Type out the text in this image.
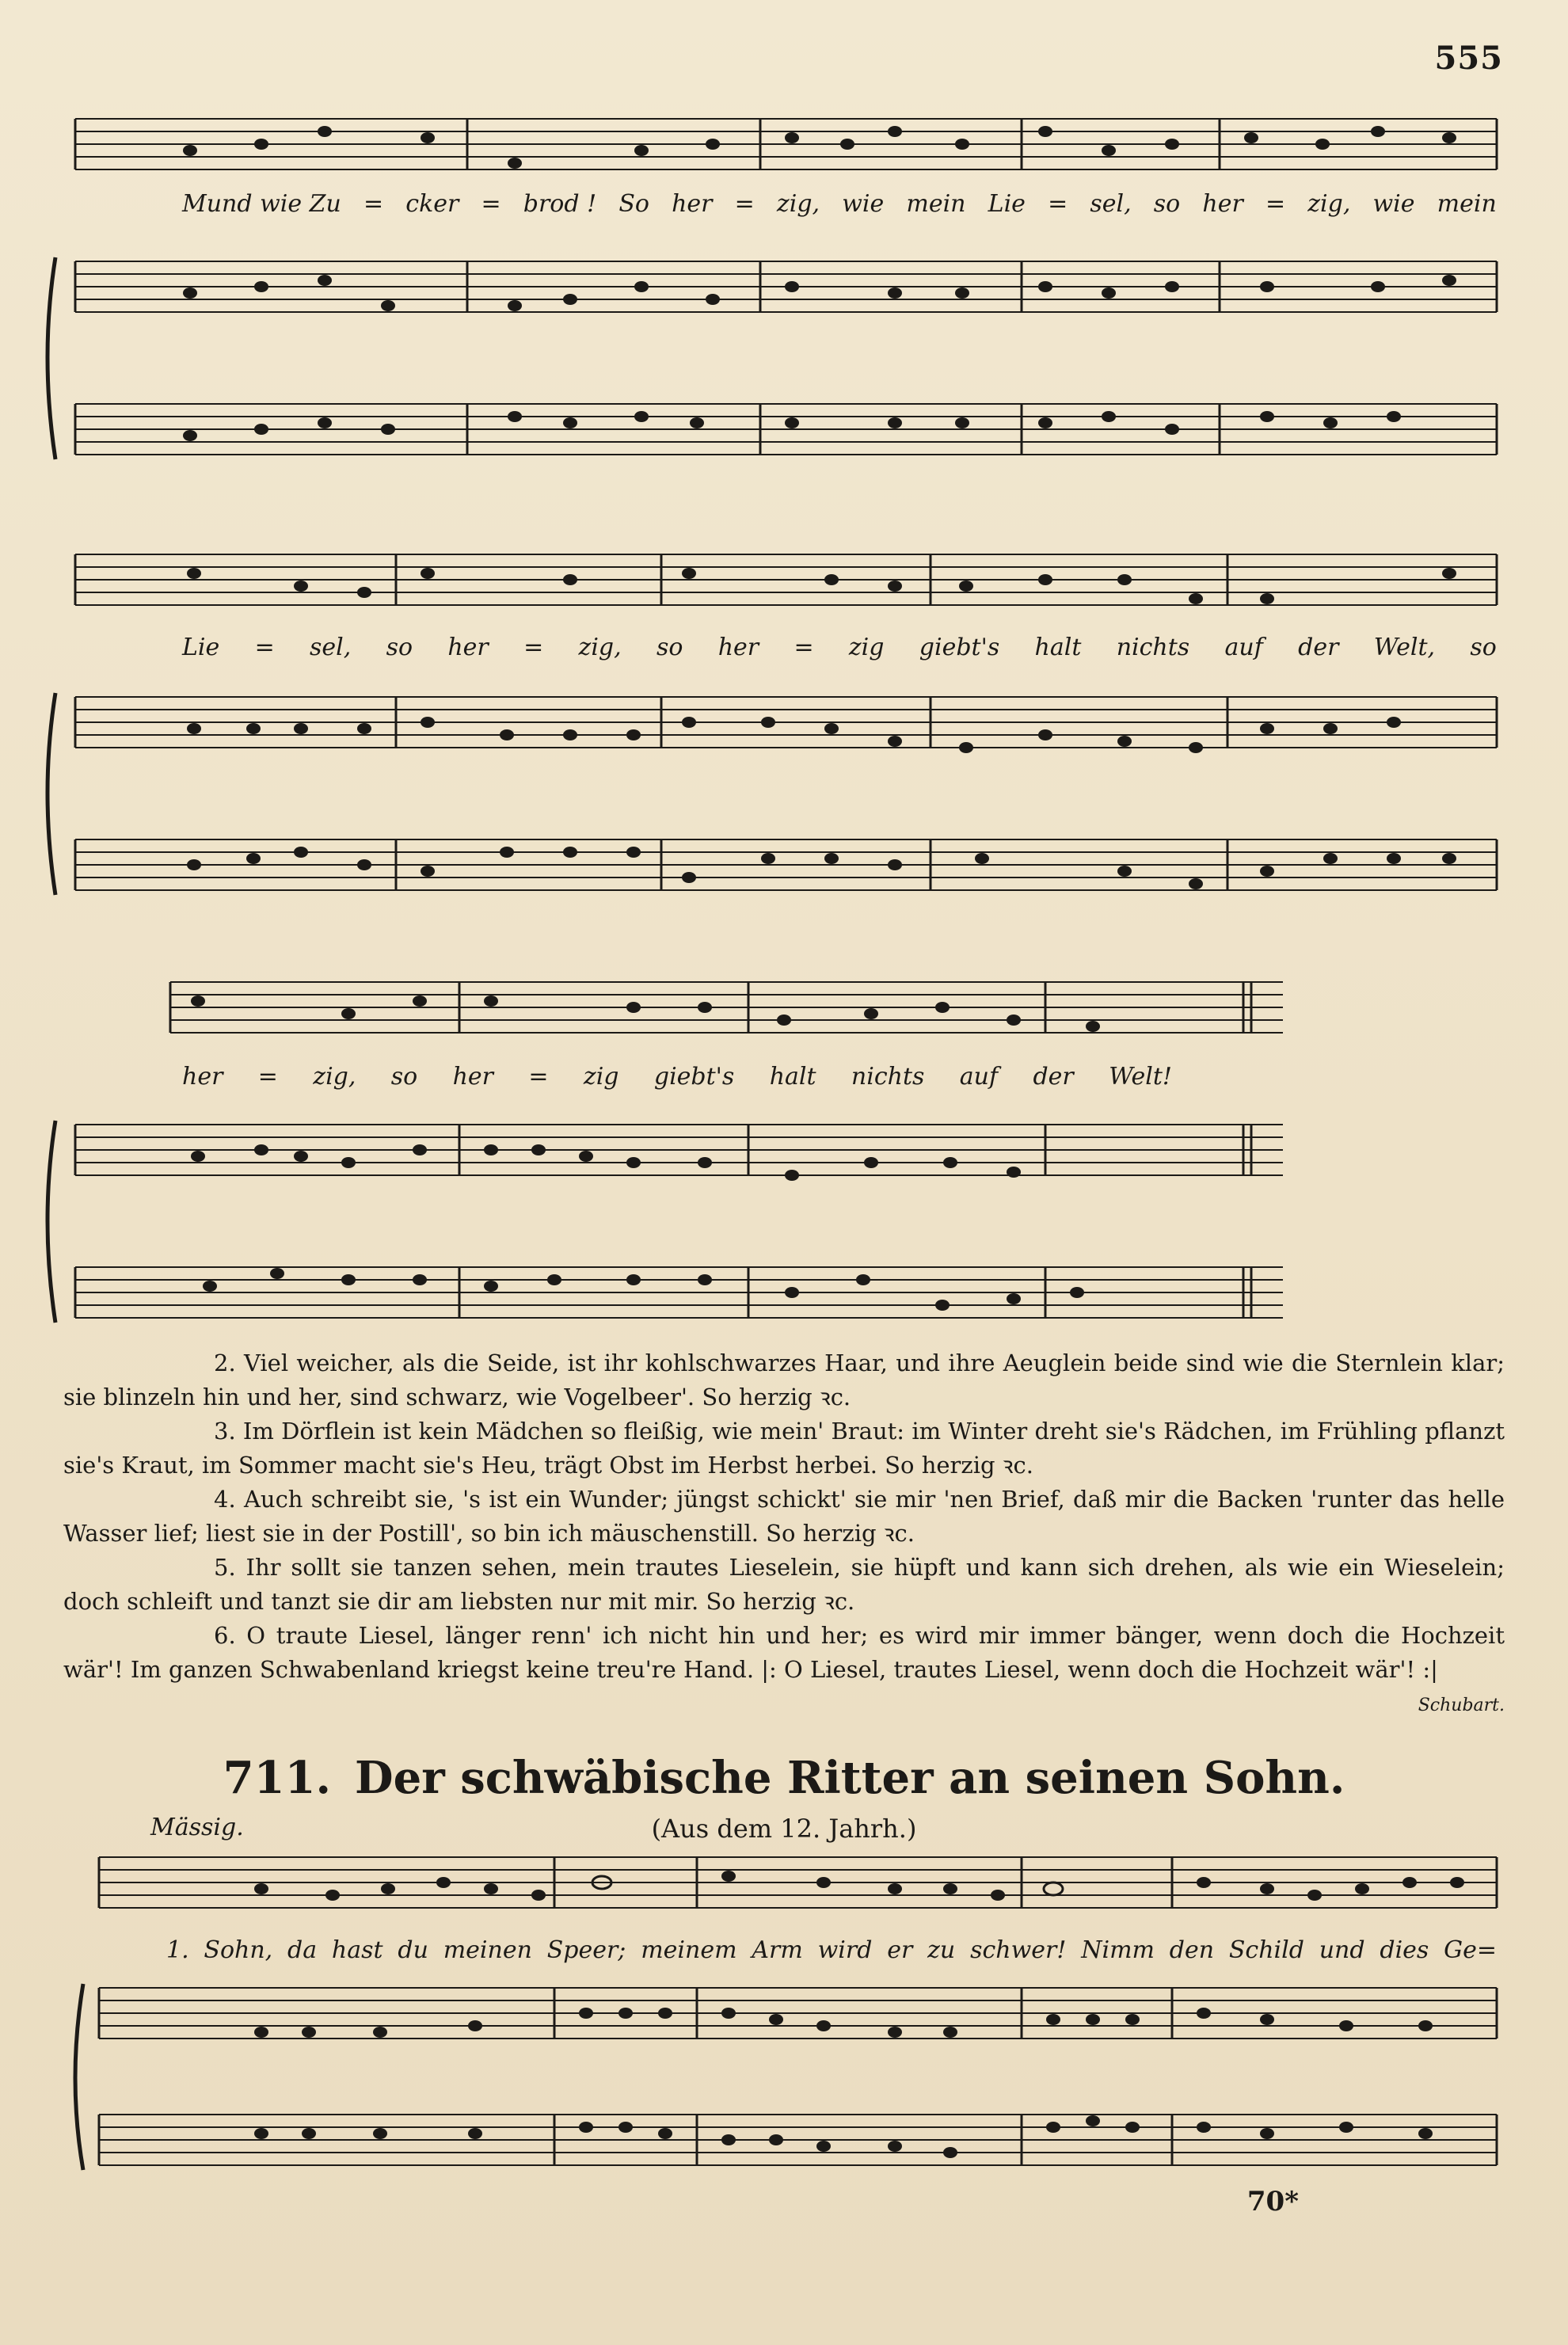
555
Mund wie Zu = cker = brod ! So her = zig, wie mein Lie = sel, so her = zig, wie mein
Lie = sel, so her = zig, so her = zig giebt's halt nichts auf der Welt, so
her = zig, so her = zig giebt's halt nichts auf der Welt!

2. Viel weicher, als die Seide, ist ihr kohlschwarzes Haar, und ihre Aeuglein beide sind wie die Sternlein klar; sie blinzeln hin und her, sind schwarz, wie Vogelbeer'. So herzig ꝛc.

3. Im Dörflein ist kein Mädchen so fleißig, wie mein' Braut: im Winter dreht sie's Rädchen, im Frühling pflanzt sie's Kraut, im Sommer macht sie's Heu, trägt Obst im Herbst herbei. So herzig ꝛc.

4. Auch schreibt sie, 's ist ein Wunder; jüngst schickt' sie mir 'nen Brief, daß mir die Backen 'runter das helle Wasser lief; liest sie in der Postill', so bin ich mäuschenstill. So herzig ꝛc.

5. Ihr sollt sie tanzen sehen, mein trautes Lieselein, sie hüpft und kann sich drehen, als wie ein Wieselein; doch schleift und tanzt sie dir am liebsten nur mit mir. So herzig ꝛc.

6. O traute Liesel, länger renn' ich nicht hin und her; es wird mir immer bänger, wenn doch die Hochzeit wär'! Im ganzen Schwabenland kriegst keine treu're Hand. |: O Liesel, trautes Liesel, wenn doch die Hochzeit wär'! :|

Schubart.
711. Der schwäbische Ritter an seinen Sohn.
Mässig.	(Aus dem 12. Jahrh.)
1. Sohn, da hast du meinen Speer; meinem Arm wird er zu schwer! Nimm den Schild und dies Ge=
70*
